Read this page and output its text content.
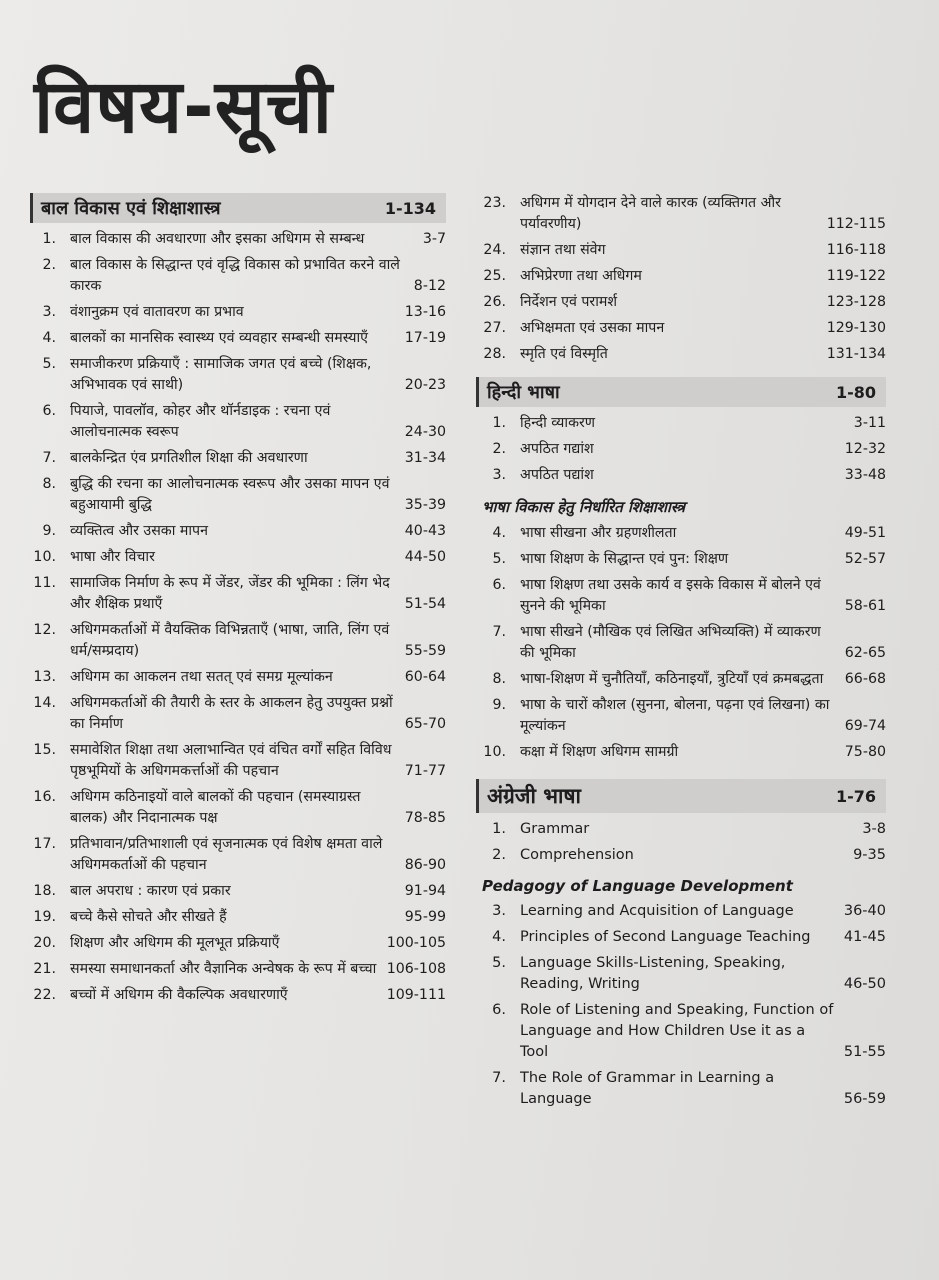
विषय-सूची
बाल विकास एवं शिक्षाशास्त्र	1-134
1. बाल विकास की अवधारणा और इसका अधिगम से सम्बन्ध	3-7
2. बाल विकास के सिद्धान्त एवं वृद्धि विकास को प्रभावित करने वाले कारक	8-12
3. वंशानुक्रम एवं वातावरण का प्रभाव	13-16
4. बालकों का मानसिक स्वास्थ्य एवं व्यवहार सम्बन्धी समस्याएँ	17-19
5. समाजीकरण प्रक्रियाएँ : सामाजिक जगत एवं बच्चे (शिक्षक, अभिभावक एवं साथी)	20-23
6. पियाजे, पावलॉव, कोहर और थॉर्नडाइक : रचना एवं आलोचनात्मक स्वरूप	24-30
7. बालकेन्द्रित एंव प्रगतिशील शिक्षा की अवधारणा	31-34
8. बुद्धि की रचना का आलोचनात्मक स्वरूप और उसका मापन एवं बहुआयामी बुद्धि	35-39
9. व्यक्तित्व और उसका मापन	40-43
10. भाषा और विचार	44-50
11. सामाजिक निर्माण के रूप में जेंडर, जेंडर की भूमिका : लिंग भेद और शैक्षिक प्रथाएँ	51-54
12. अधिगमकर्ताओं में वैयक्तिक विभिन्नताएँ (भाषा, जाति, लिंग एवं धर्म/सम्प्रदाय)	55-59
13. अधिगम का आकलन तथा सतत् एवं समग्र मूल्यांकन	60-64
14. अधिगमकर्ताओं की तैयारी के स्तर के आकलन हेतु उपयुक्त प्रश्नों का निर्माण	65-70
15. समावेशित शिक्षा तथा अलाभान्वित एवं वंचित वर्गों सहित विविध पृष्ठभूमियों के अधिगमकर्त्ताओं की पहचान	71-77
16. अधिगम कठिनाइयों वाले बालकों की पहचान (समस्याग्रस्त बालक) और निदानात्मक पक्ष	78-85
17. प्रतिभावान/प्रतिभाशाली एवं सृजनात्मक एवं विशेष क्षमता वाले अधिगमकर्ताओं की पहचान	86-90
18. बाल अपराध : कारण एवं प्रकार	91-94
19. बच्चे कैसे सोचते और सीखते हैं	95-99
20. शिक्षण और अधिगम की मूलभूत प्रक्रियाएँ	100-105
21. समस्या समाधानकर्ता और वैज्ञानिक अन्वेषक के रूप में बच्चा 106-108
22. बच्चों में अधिगम की वैकल्पिक अवधारणाएँ	109-111
23. अधिगम में योगदान देने वाले कारक (व्यक्तिगत और पर्यावरणीय)	112-115
24. संज्ञान तथा संवेग	116-118
25. अभिप्रेरणा तथा अधिगम	119-122
26. निर्देशन एवं परामर्श	123-128
27. अभिक्षमता एवं उसका मापन	129-130
28. स्मृति एवं विस्मृति	131-134
हिन्दी भाषा	1-80
1. हिन्दी व्याकरण	3-11
2. अपठित गद्यांश	12-32
3. अपठित पद्यांश	33-48
भाषा विकास हेतु निर्धारित शिक्षाशास्त्र
4. भाषा सीखना और ग्रहणशीलता	49-51
5. भाषा शिक्षण के सिद्धान्त एवं पुन: शिक्षण	52-57
6. भाषा शिक्षण तथा उसके कार्य व इसके विकास में बोलने एवं सुनने की भूमिका	58-61
7. भाषा सीखने (मौखिक एवं लिखित अभिव्यक्ति) में व्याकरण की भूमिका	62-65
8. भाषा-शिक्षण में चुनौतियाँ, कठिनाइयाँ, त्रुटियाँ एवं क्रमबद्धता	66-68
9. भाषा के चारों कौशल (सुनना, बोलना, पढ़ना एवं लिखना) का मूल्यांकन	69-74
10. कक्षा में शिक्षण अधिगम सामग्री	75-80
अंग्रेजी भाषा	1-76
1. Grammar	3-8
2. Comprehension	9-35
Pedagogy of Language Development
3. Learning and Acquisition of Language	36-40
4. Principles of Second Language Teaching	41-45
5. Language Skills-Listening, Speaking, Reading, Writing	46-50
6. Role of Listening and Speaking, Function of Language and How Children Use it as a Tool	51-55
7. The Role of Grammar in Learning a Language	56-59
